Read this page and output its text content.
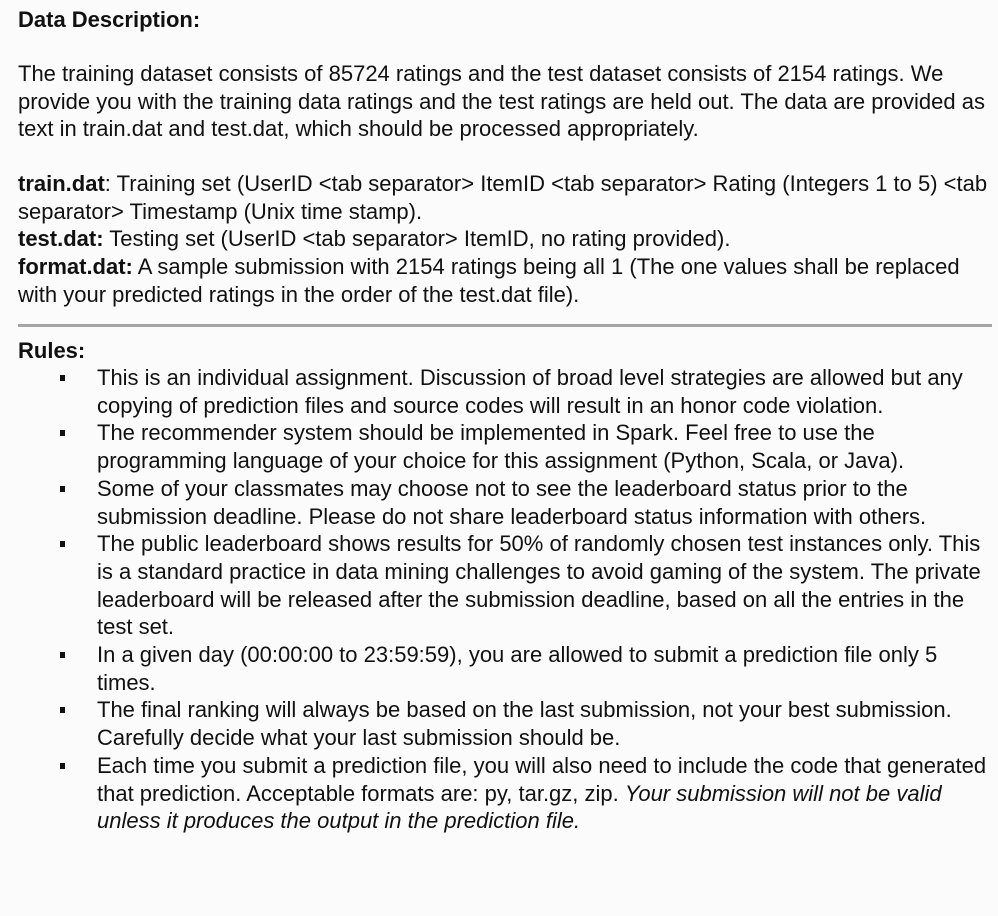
Data Description:

The training dataset consists of 85724 ratings and the test dataset consists of 2154 ratings. We provide you with the training data ratings and the test ratings are held out. The data are provided as text in train.dat and test.dat, which should be processed appropriately.

train.dat: Training set (UserID <tab separator> ItemID <tab separator> Rating (Integers 1 to 5) <tab separator> Timestamp (Unix time stamp).

test.dat: Testing set (UserID <tab separator> ItemID, no rating provided).

format.dat: A sample submission with 2154 ratings being all 1 (The one values shall be replaced with your predicted ratings in the order of the test.dat file).

Rules:
This is an individual assignment. Discussion of broad level strategies are allowed but any copying of prediction files and source codes will result in an honor code violation.
The recommender system should be implemented in Spark. Feel free to use the programming language of your choice for this assignment (Python, Scala, or Java).
Some of your classmates may choose not to see the leaderboard status prior to the submission deadline. Please do not share leaderboard status information with others.
The public leaderboard shows results for 50% of randomly chosen test instances only. This is a standard practice in data mining challenges to avoid gaming of the system. The private leaderboard will be released after the submission deadline, based on all the entries in the test set.
In a given day (00:00:00 to 23:59:59), you are allowed to submit a prediction file only 5 times.
The final ranking will always be based on the last submission, not your best submission. Carefully decide what your last submission should be.
Each time you submit a prediction file, you will also need to include the code that generated that prediction. Acceptable formats are: py, tar.gz, zip. Your submission will not be valid unless it produces the output in the prediction file.
